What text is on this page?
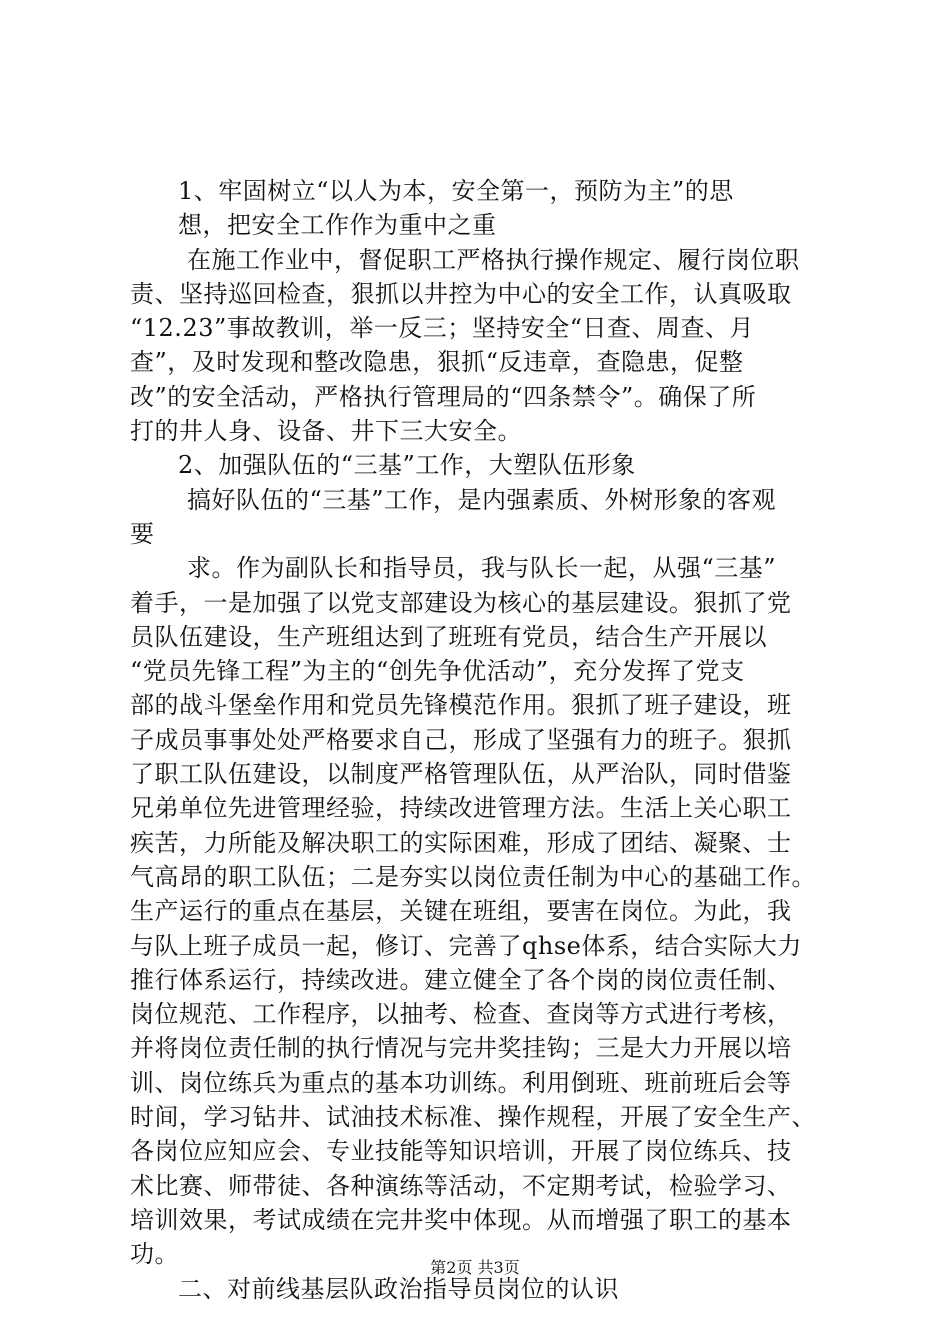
1、牢固树立“以人为本，安全第一，预防为主”的思
想，把安全工作作为重中之重
在施工作业中，督促职工严格执行操作规定、履行岗位职
责、坚持巡回检查，狠抓以井控为中心的安全工作，认真吸取
“12.23”事故教训，举一反三；坚持安全“日查、周查、月
查”，及时发现和整改隐患，狠抓“反违章，查隐患，促整
改”的安全活动，严格执行管理局的“四条禁令”。确保了所
打的井人身、设备、井下三大安全。
2、加强队伍的“三基”工作，大塑队伍形象
搞好队伍的“三基”工作，是内强素质、外树形象的客观
要
求。作为副队长和指导员，我与队长一起，从强“三基”
着手，一是加强了以党支部建设为核心的基层建设。狠抓了党
员队伍建设，生产班组达到了班班有党员，结合生产开展以
“党员先锋工程”为主的“创先争优活动”，充分发挥了党支
部的战斗堡垒作用和党员先锋模范作用。狠抓了班子建设，班
子成员事事处处严格要求自己，形成了坚强有力的班子。狠抓
了职工队伍建设，以制度严格管理队伍，从严治队，同时借鉴
兄弟单位先进管理经验，持续改进管理方法。生活上关心职工
疾苦，力所能及解决职工的实际困难，形成了团结、凝聚、士
气高昂的职工队伍；二是夯实以岗位责任制为中心的基础工作。
生产运行的重点在基层，关键在班组，要害在岗位。为此，我
与队上班子成员一起，修订、完善了qhse体系，结合实际大力
推行体系运行，持续改进。建立健全了各个岗的岗位责任制、
岗位规范、工作程序，以抽考、检查、查岗等方式进行考核，
并将岗位责任制的执行情况与完井奖挂钩；三是大力开展以培
训、岗位练兵为重点的基本功训练。利用倒班、班前班后会等
时间，学习钻井、试油技术标准、操作规程，开展了安全生产、
各岗位应知应会、专业技能等知识培训，开展了岗位练兵、技
术比赛、师带徒、各种演练等活动，不定期考试，检验学习、
培训效果，考试成绩在完井奖中体现。从而增强了职工的基本
功。
二、对前线基层队政治指导员岗位的认识
第2页 共3页
